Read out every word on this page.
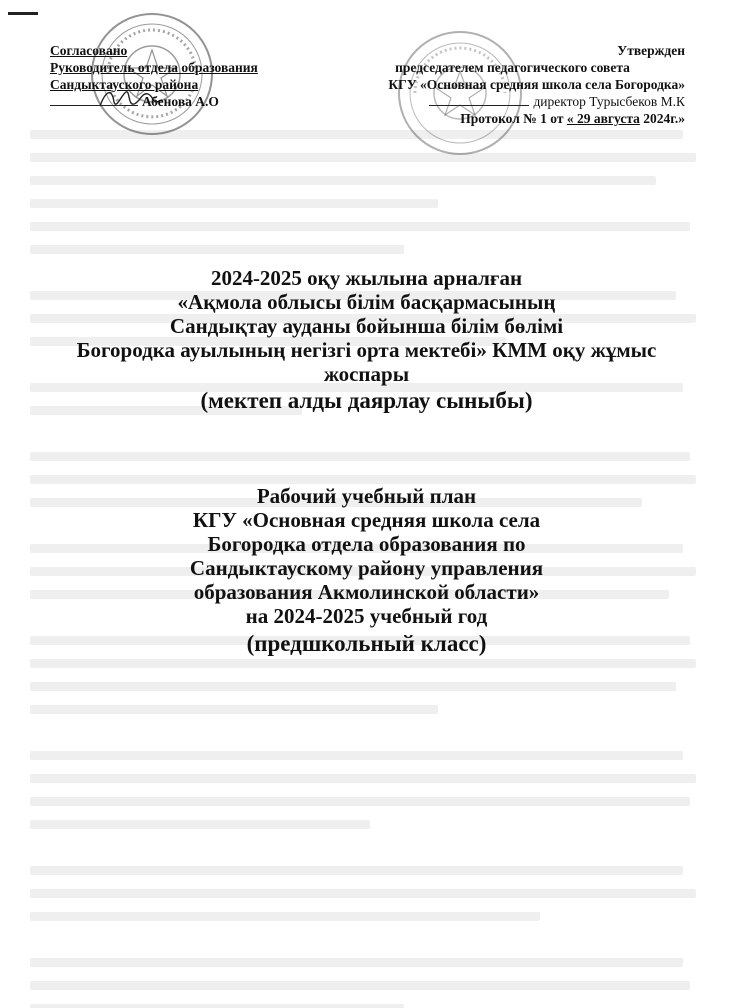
Согласовано
Руководитель отдела образования
Сандыктауского района
Абенова А.О
Утвержден
председателем педагогического совета
КГУ «Основная средняя школа села Богородка»
директор Турысбеков М.К
Протокол № 1 от « 29 августа 2024г.»
2024-2025 оқу жылына арналған
«Ақмола облысы білім басқармасының
Сандықтау ауданы бойынша білім бөлімі
Богородка ауылының негізгі орта мектебі» КММ оқу жұмыс
жоспары
(мектеп алды даярлау сыныбы)
Рабочий учебный план
КГУ «Основная средняя школа села
Богородка отдела образования по
Сандыктаускому району управления
образования Акмолинской области»
на 2024-2025 учебный год
(предшкольный класс)
